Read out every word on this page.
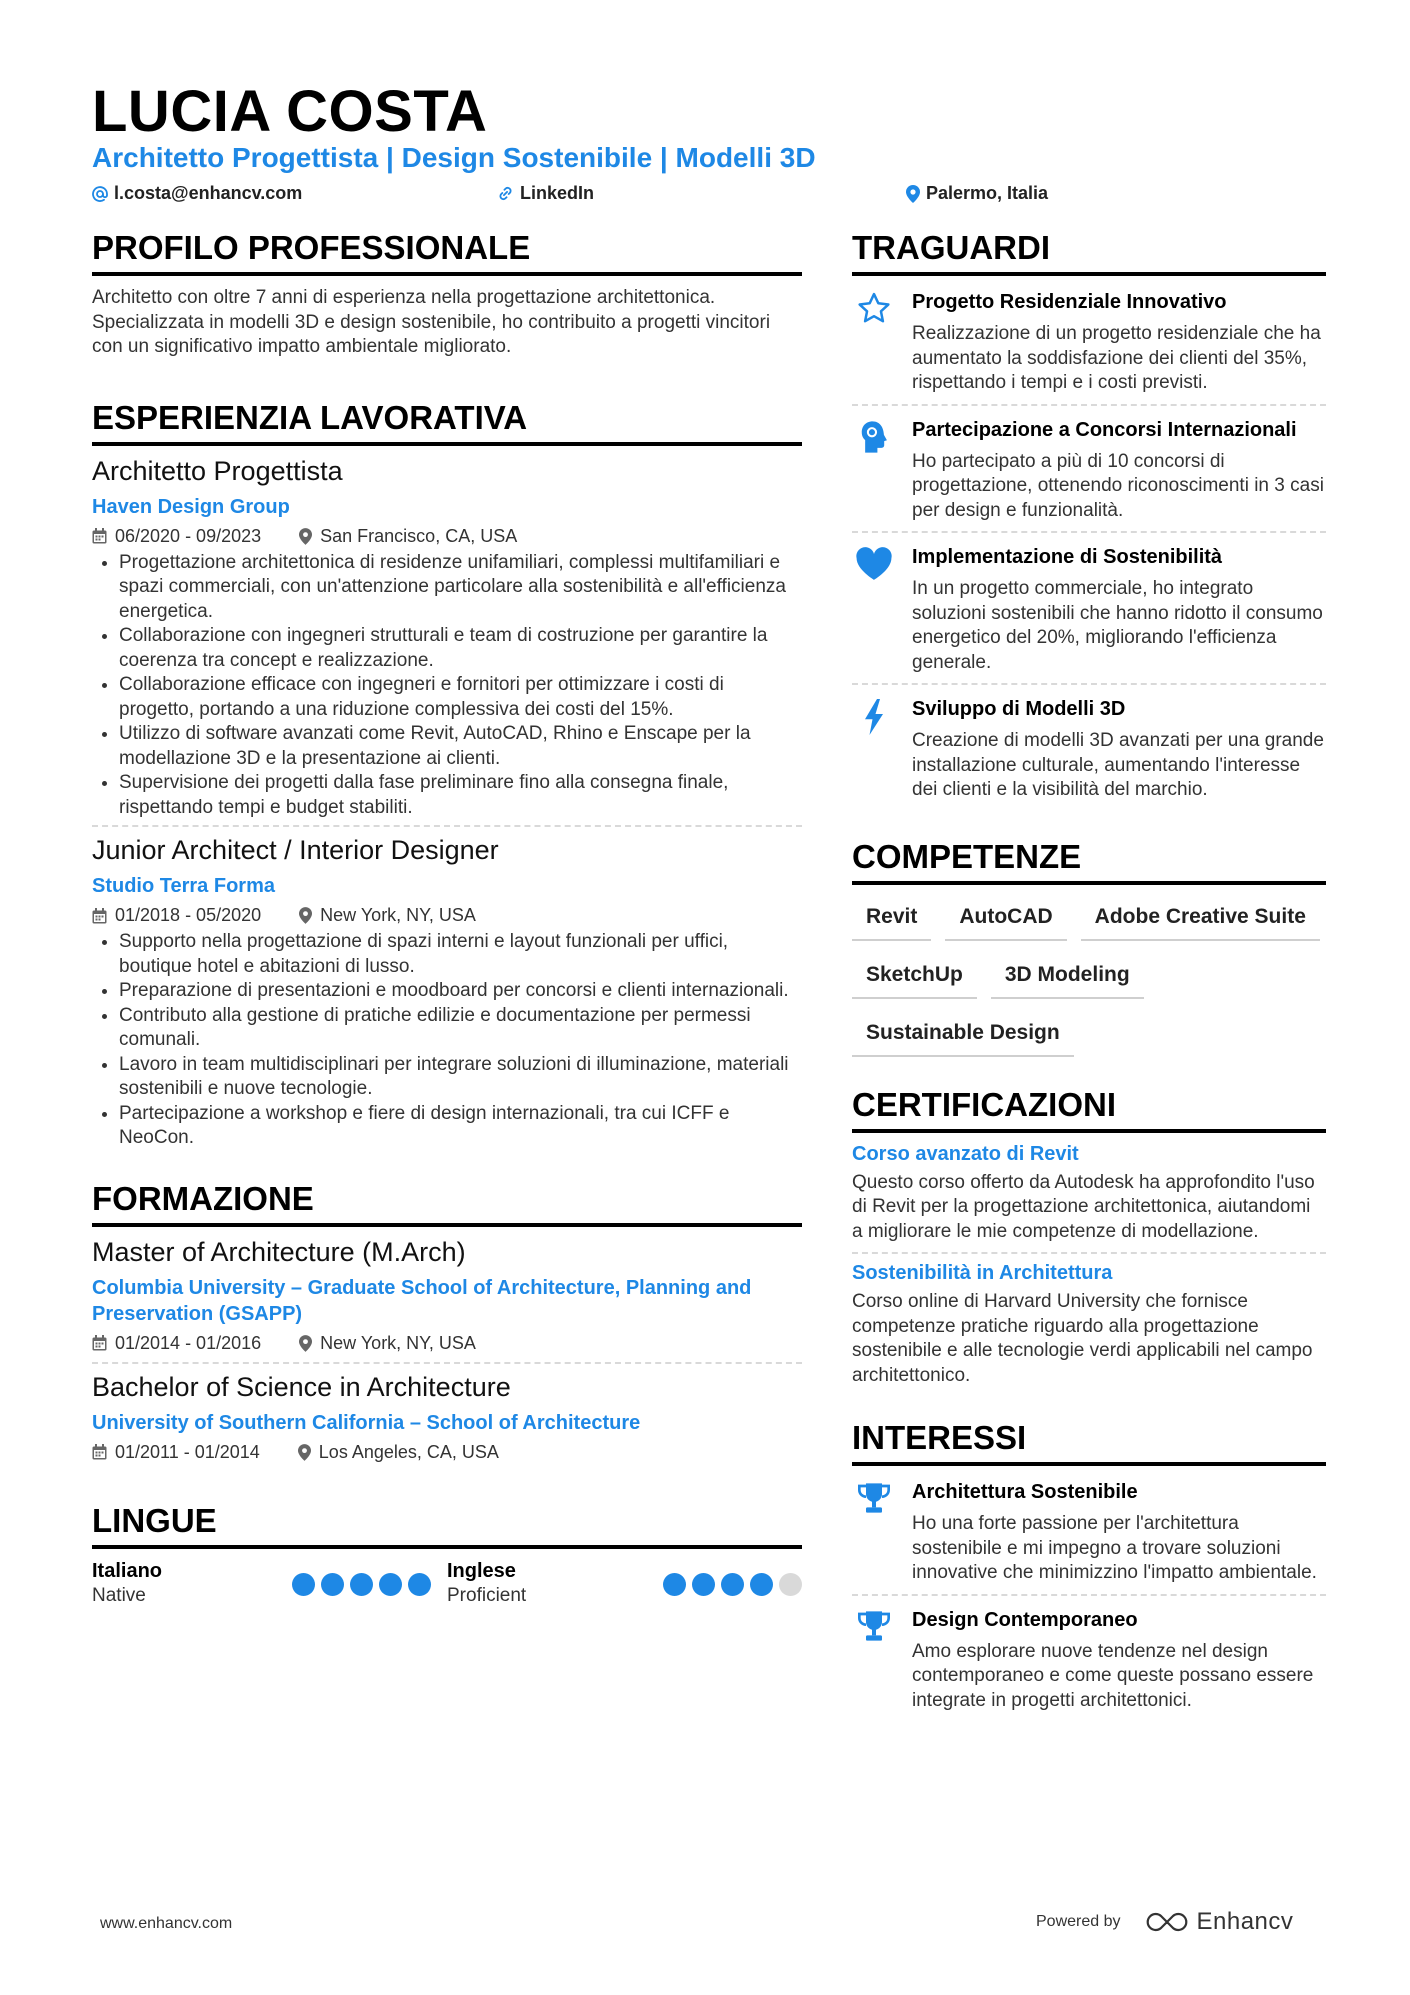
LUCIA COSTA
Architetto Progettista | Design Sostenibile | Modelli 3D
l.costa@enhancv.com	LinkedIn	Palermo, Italia
PROFILO PROFESSIONALE

Architetto con oltre 7 anni di esperienza nella progettazione architettonica. Specializzata in modelli 3D e design sostenibile, ho contribuito a progetti vincitori con un significativo impatto ambientale migliorato.

ESPERIENZIA LAVORATIVA
Architetto Progettista
Haven Design Group
06/2020 - 09/2023	San Francisco, CA, USA
• Progettazione architettonica di residenze unifamiliari, complessi multifamiliari e spazi commerciali, con un'attenzione particolare alla sostenibilità e all'efficienza energetica.
• Collaborazione con ingegneri strutturali e team di costruzione per garantire la coerenza tra concept e realizzazione.
• Collaborazione efficace con ingegneri e fornitori per ottimizzare i costi di progetto, portando a una riduzione complessiva dei costi del 15%.
• Utilizzo di software avanzati come Revit, AutoCAD, Rhino e Enscape per la modellazione 3D e la presentazione ai clienti.
• Supervisione dei progetti dalla fase preliminare fino alla consegna finale, rispettando tempi e budget stabiliti.
Junior Architect / Interior Designer
Studio Terra Forma
01/2018 - 05/2020	New York, NY, USA
• Supporto nella progettazione di spazi interni e layout funzionali per uffici, boutique hotel e abitazioni di lusso.
• Preparazione di presentazioni e moodboard per concorsi e clienti internazionali.
• Contributo alla gestione di pratiche edilizie e documentazione per permessi comunali.
• Lavoro in team multidisciplinari per integrare soluzioni di illuminazione, materiali sostenibili e nuove tecnologie.
• Partecipazione a workshop e fiere di design internazionali, tra cui ICFF e NeoCon.
FORMAZIONE
Master of Architecture (M.Arch)
Columbia University – Graduate School of Architecture, Planning and Preservation (GSAPP)
01/2014 - 01/2016	New York, NY, USA
Bachelor of Science in Architecture
University of Southern California – School of Architecture
01/2011 - 01/2014	Los Angeles, CA, USA
LINGUE
Italiano
Native
Inglese
Proficient
TRAGUARDI
Progetto Residenziale Innovativo
Realizzazione di un progetto residenziale che ha aumentato la soddisfazione dei clienti del 35%, rispettando i tempi e i costi previsti.
Partecipazione a Concorsi Internazionali
Ho partecipato a più di 10 concorsi di progettazione, ottenendo riconoscimenti in 3 casi per design e funzionalità.
Implementazione di Sostenibilità
In un progetto commerciale, ho integrato soluzioni sostenibili che hanno ridotto il consumo energetico del 20%, migliorando l'efficienza generale.
Sviluppo di Modelli 3D
Creazione di modelli 3D avanzati per una grande installazione culturale, aumentando l'interesse dei clienti e la visibilità del marchio.
COMPETENZE
Revit	AutoCAD	Adobe Creative Suite
SketchUp	3D Modeling
Sustainable Design
CERTIFICAZIONI
Corso avanzato di Revit
Questo corso offerto da Autodesk ha approfondito l'uso di Revit per la progettazione architettonica, aiutandomi a migliorare le mie competenze di modellazione.
Sostenibilità in Architettura
Corso online di Harvard University che fornisce competenze pratiche riguardo alla progettazione sostenibile e alle tecnologie verdi applicabili nel campo architettonico.
INTERESSI
Architettura Sostenibile
Ho una forte passione per l'architettura sostenibile e mi impegno a trovare soluzioni innovative che minimizzino l'impatto ambientale.
Design Contemporaneo
Amo esplorare nuove tendenze nel design contemporaneo e come queste possano essere integrate in progetti architettonici.
www.enhancv.com	Powered by	Enhancv
